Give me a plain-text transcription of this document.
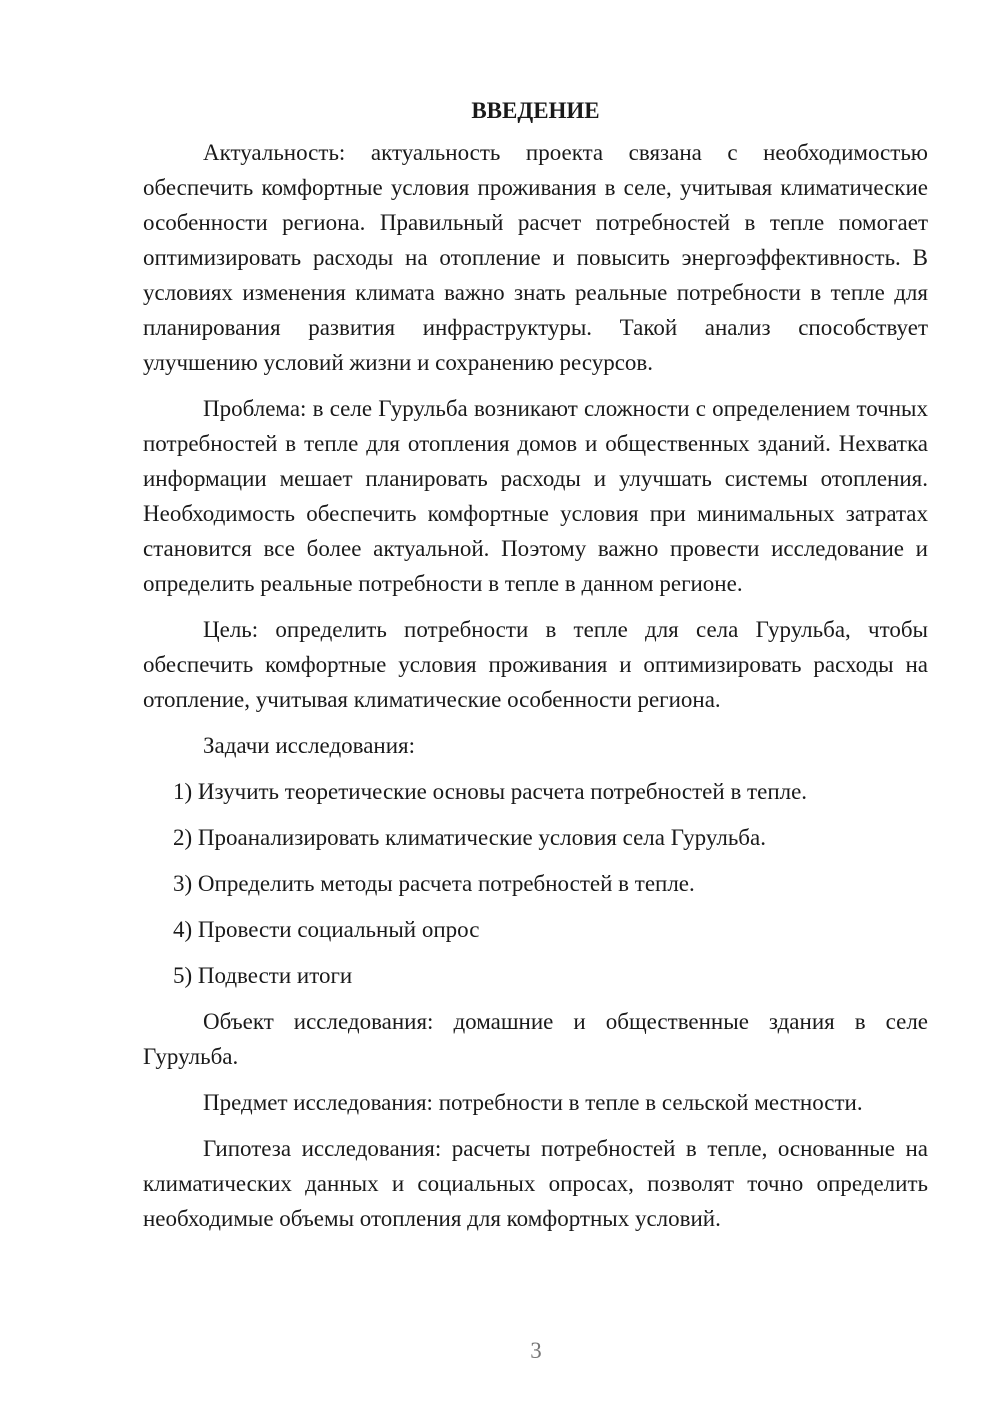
ВВЕДЕНИЕ

Актуальность: актуальность проекта связана с необходимостью обеспечить комфортные условия проживания в селе, учитывая климатические особенности региона. Правильный расчет потребностей в тепле помогает оптимизировать расходы на отопление и повысить энергоэффективность. В условиях изменения климата важно знать реальные потребности в тепле для планирования развития инфраструктуры. Такой анализ способствует улучшению условий жизни и сохранению ресурсов.

Проблема: в селе Гурульба возникают сложности с определением точных потребностей в тепле для отопления домов и общественных зданий. Нехватка информации мешает планировать расходы и улучшать системы отопления. Необходимость обеспечить комфортные условия при минимальных затратах становится все более актуальной. Поэтому важно провести исследование и определить реальные потребности в тепле в данном регионе.

Цель: определить потребности в тепле для села Гурульба, чтобы обеспечить комфортные условия проживания и оптимизировать расходы на отопление, учитывая климатические особенности региона.

Задачи исследования:

1) Изучить теоретические основы расчета потребностей в тепле.
2) Проанализировать климатические условия села Гурульба.
3) Определить методы расчета потребностей в тепле.
4) Провести социальный опрос
5) Подвести итоги

Объект исследования: домашние и общественные здания в селе Гурульба.

Предмет исследования: потребности в тепле в сельской местности.

Гипотеза исследования: расчеты потребностей в тепле, основанные на климатических данных и социальных опросах, позволят точно определить необходимые объемы отопления для комфортных условий.

3
